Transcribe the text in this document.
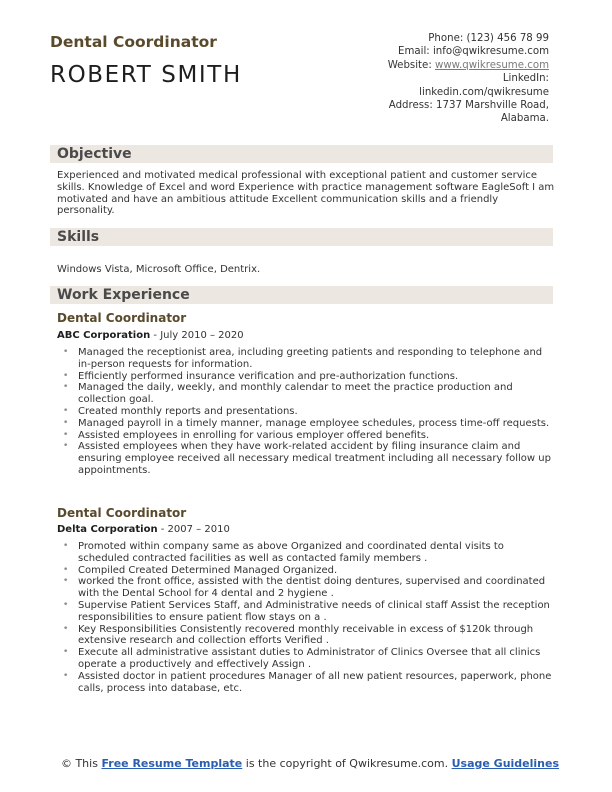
Dental Coordinator
ROBERT SMITH
Phone: (123) 456 78 99
Email: info@qwikresume.com
Website: www.qwikresume.com
LinkedIn:
linkedin.com/qwikresume
Address: 1737 Marshville Road,
Alabama.
Objective
Experienced and motivated medical professional with exceptional patient and customer service skills. Knowledge of Excel and word Experience with practice management software EagleSoft I am motivated and have an ambitious attitude Excellent communication skills and a friendly personality.
Skills
Windows Vista, Microsoft Office, Dentrix.
Work Experience
Dental Coordinator
ABC Corporation - July 2010 – 2020
• Managed the receptionist area, including greeting patients and responding to telephone and in-person requests for information.
• Efficiently performed insurance verification and pre-authorization functions.
• Managed the daily, weekly, and monthly calendar to meet the practice production and collection goal.
• Created monthly reports and presentations.
• Managed payroll in a timely manner, manage employee schedules, process time-off requests.
• Assisted employees in enrolling for various employer offered benefits.
• Assisted employees when they have work-related accident by filing insurance claim and ensuring employee received all necessary medical treatment including all necessary follow up appointments.
Dental Coordinator
Delta Corporation - 2007 – 2010
• Promoted within company same as above Organized and coordinated dental visits to scheduled contracted facilities as well as contacted family members .
• Compiled Created Determined Managed Organized.
• worked the front office, assisted with the dentist doing dentures, supervised and coordinated with the Dental School for 4 dental and 2 hygiene .
• Supervise Patient Services Staff, and Administrative needs of clinical staff Assist the reception responsibilities to ensure patient flow stays on a .
• Key Responsibilities Consistently recovered monthly receivable in excess of $120k through extensive research and collection efforts Verified .
• Execute all administrative assistant duties to Administrator of Clinics Oversee that all clinics operate a productively and effectively Assign .
• Assisted doctor in patient procedures Manager of all new patient resources, paperwork, phone calls, process into database, etc.
© This Free Resume Template is the copyright of Qwikresume.com. Usage Guidelines
